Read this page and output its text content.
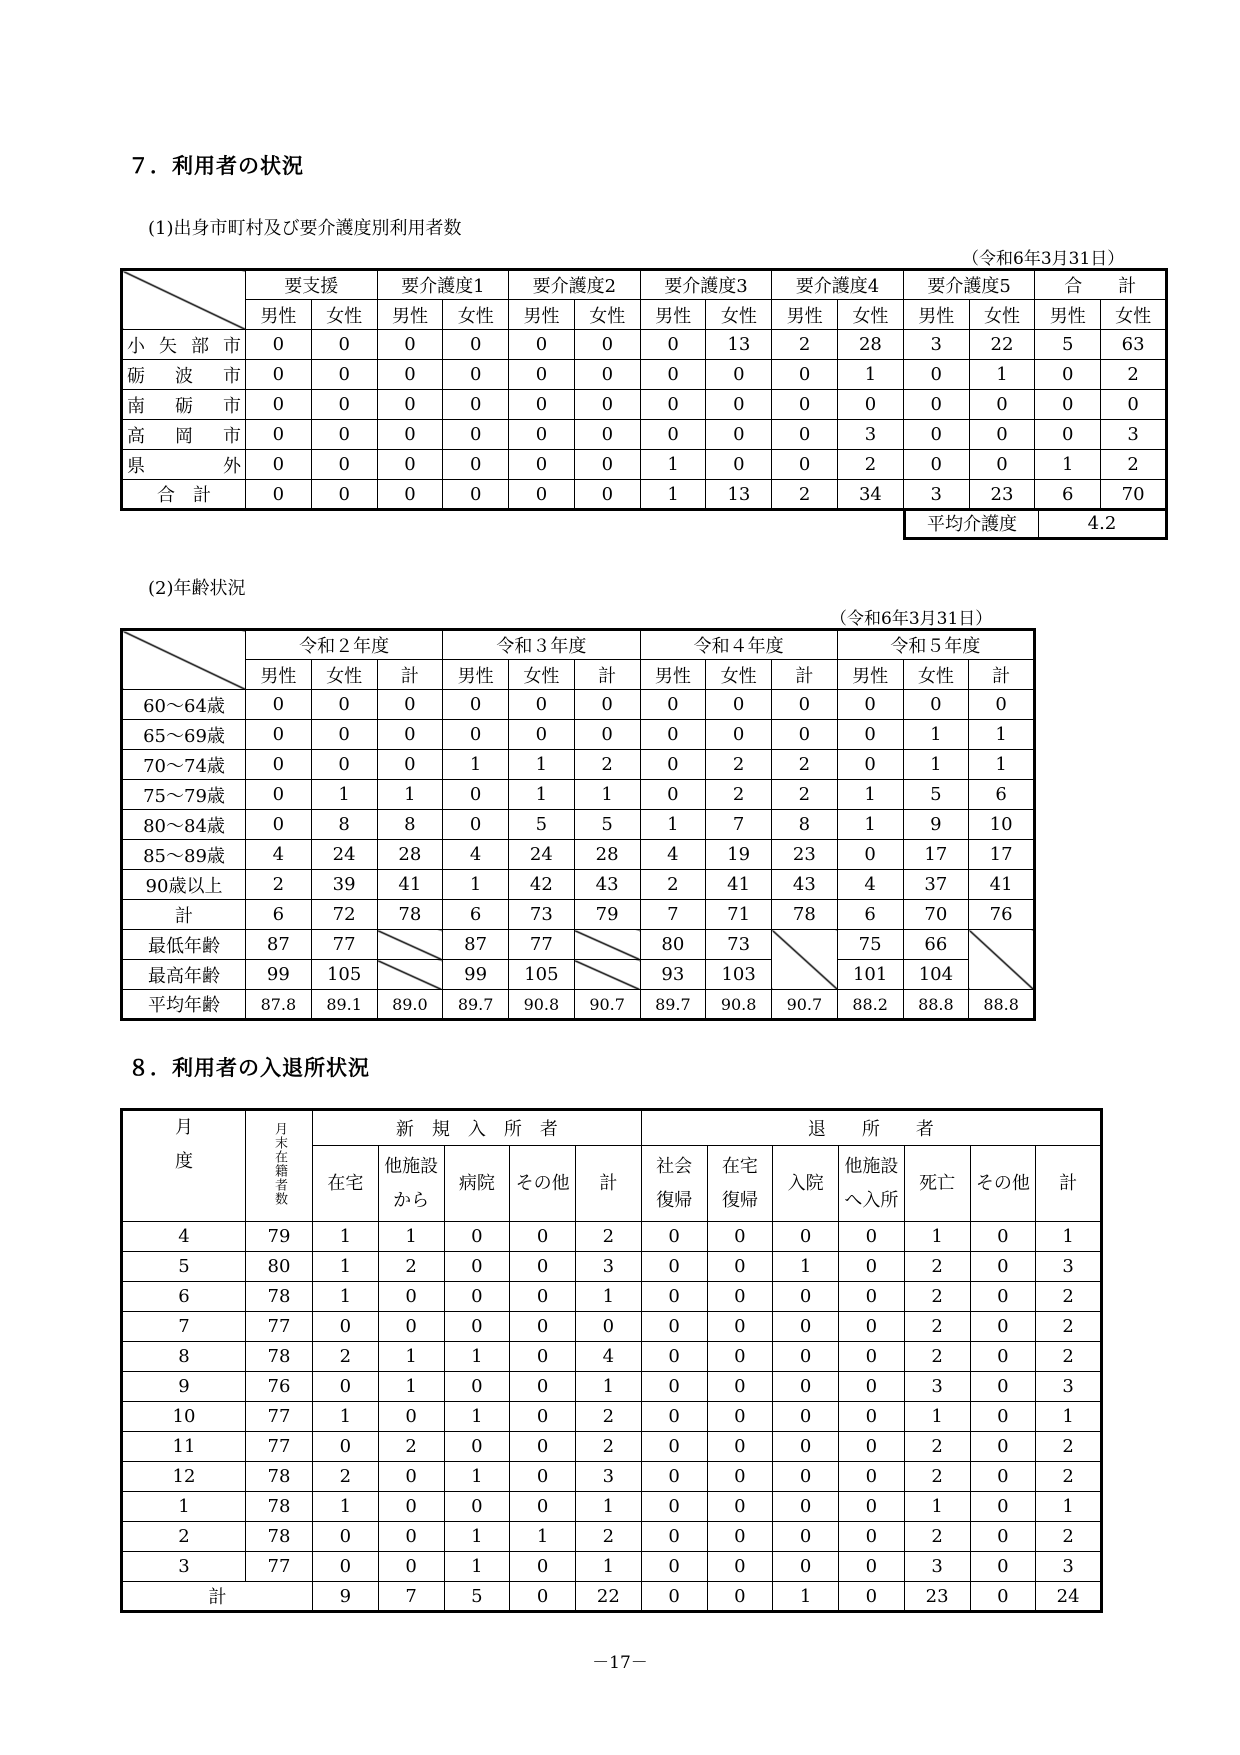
７．利用者の状況
(1)出身市町村及び要介護度別利用者数
（令和6年3月31日）
	要支援		要介護度1		要介護度2		要介護度3		要介護度4		要介護度5		合　　計	
	男性	女性	男性	女性	男性	女性	男性	女性	男性	女性	男性	女性	男性	女性
小矢部市	0	0	0	0	0	0	0	13	2	28	3	22	5	63
砺波市	0	0	0	0	0	0	0	0	0	1	0	1	0	2
南砺市	0	0	0	0	0	0	0	0	0	0	0	0	0	0
高岡市	0	0	0	0	0	0	0	0	0	3	0	0	0	3
県外	0	0	0	0	0	0	1	0	0	2	0	0	1	2
合　計	0	0	0	0	0	0	1	13	2	34	3	23	6	70
平均介護度	4.2
(2)年齢状況
（令和6年3月31日）
	令和２年度			令和３年度			令和４年度			令和５年度		
	男性	女性	計	男性	女性	計	男性	女性	計	男性	女性	計
60～64歳	0	0	0	0	0	0	0	0	0	0	0	0
65～69歳	0	0	0	0	0	0	0	0	0	0	1	1
70～74歳	0	0	0	1	1	2	0	2	2	0	1	1
75～79歳	0	1	1	0	1	1	0	2	2	1	5	6
80～84歳	0	8	8	0	5	5	1	7	8	1	9	10
85～89歳	4	24	28	4	24	28	4	19	23	0	17	17
90歳以上	2	39	41	1	42	43	2	41	43	4	37	41
計	6	72	78	6	73	79	7	71	78	6	70	76
最低年齢	87	77		87	77		80	73		75	66	
最高年齢	99	105		99	105		93	103		101	104	
平均年齢	87.8	89.1	89.0	89.7	90.8	90.7	89.7	90.8	90.7	88.2	88.8	88.8
８．利用者の入退所状況
月
度	月末在籍者数	新　規　入　所　者					退　　所　　者						
		在宅	他施設
から	病院	その他	計	社会
復帰	在宅
復帰	入院	他施設
へ入所	死亡	その他	計
4	79	1	1	0	0	2	0	0	0	0	1	0	1
5	80	1	2	0	0	3	0	0	1	0	2	0	3
6	78	1	0	0	0	1	0	0	0	0	2	0	2
7	77	0	0	0	0	0	0	0	0	0	2	0	2
8	78	2	1	1	0	4	0	0	0	0	2	0	2
9	76	0	1	0	0	1	0	0	0	0	3	0	3
10	77	1	0	1	0	2	0	0	0	0	1	0	1
11	77	0	2	0	0	2	0	0	0	0	2	0	2
12	78	2	0	1	0	3	0	0	0	0	2	0	2
1	78	1	0	0	0	1	0	0	0	0	1	0	1
2	78	0	0	1	1	2	0	0	0	0	2	0	2
3	77	0	0	1	0	1	0	0	0	0	3	0	3
計		9	7	5	0	22	0	0	1	0	23	0	24
－17－
